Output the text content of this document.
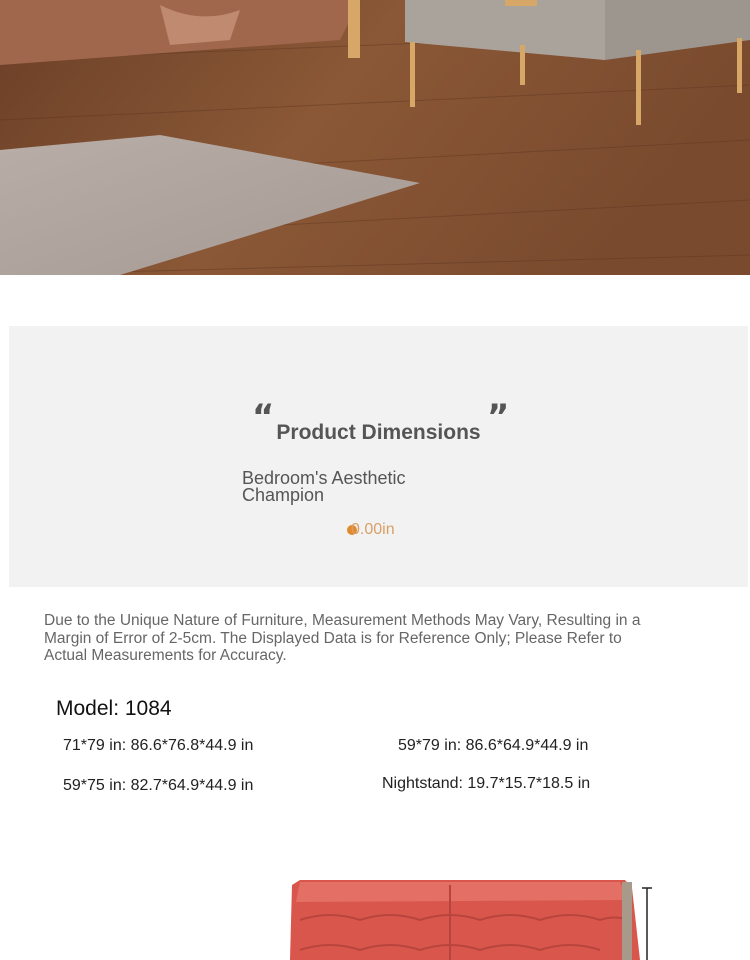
“	”
Product Dimensions
Bedroom's Aesthetic Champion
0.00in
Due to the Unique Nature of Furniture, Measurement Methods May Vary, Resulting in a Margin of Error of 2-5cm. The Displayed Data is for Reference Only; Please Refer to Actual Measurements for Accuracy.
Model: 1084
71*79 in: 86.6*76.8*44.9 in	59*79 in: 86.6*64.9*44.9 in
59*75 in: 82.7*64.9*44.9 in	Nightstand: 19.7*15.7*18.5 in
